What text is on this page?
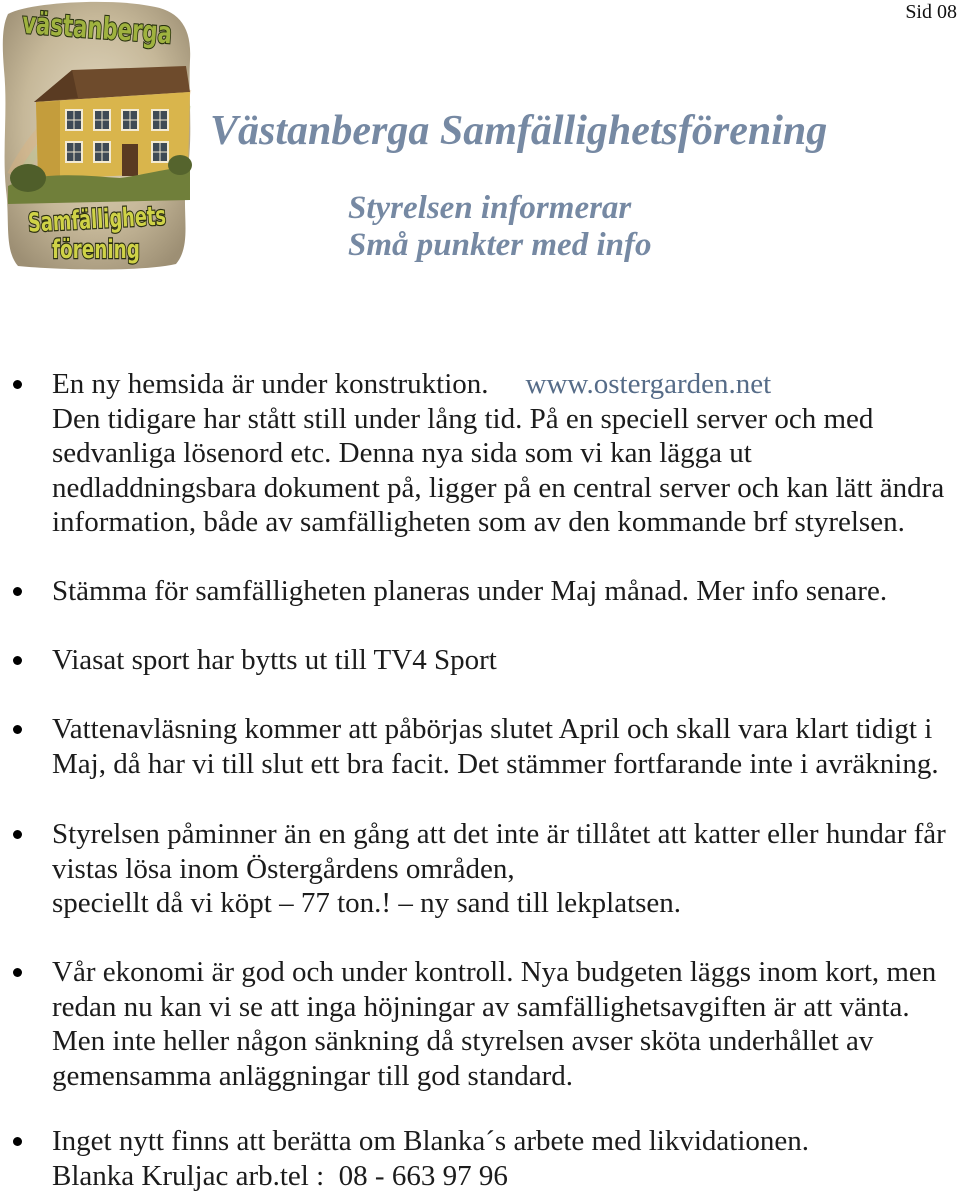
Sid 08
västanberga
Samfällighets
förening
Västanberga Samfällighetsförening
Styrelsen informerar
Små punkter med info
En ny hemsida är under konstruktion. www.ostergarden.net
Den tidigare har stått still under lång tid. På en speciell server och med
sedvanliga lösenord etc. Denna nya sida som vi kan lägga ut
nedladdningsbara dokument på, ligger på en central server och kan lätt ändra
information, både av samfälligheten som av den kommande brf styrelsen.
Stämma för samfälligheten planeras under Maj månad. Mer info senare.
Viasat sport har bytts ut till TV4 Sport
Vattenavläsning kommer att påbörjas slutet April och skall vara klart tidigt i
Maj, då har vi till slut ett bra facit. Det stämmer fortfarande inte i avräkning.
Styrelsen påminner än en gång att det inte är tillåtet att katter eller hundar får
vistas lösa inom Östergårdens områden,
speciellt då vi köpt – 77 ton.! – ny sand till lekplatsen.
Vår ekonomi är god och under kontroll. Nya budgeten läggs inom kort, men
redan nu kan vi se att inga höjningar av samfällighetsavgiften är att vänta.
Men inte heller någon sänkning då styrelsen avser sköta underhållet av
gemensamma anläggningar till god standard.
Inget nytt finns att berätta om Blanka´s arbete med likvidationen.
Blanka Kruljac arb.tel :  08 - 663 97 96
